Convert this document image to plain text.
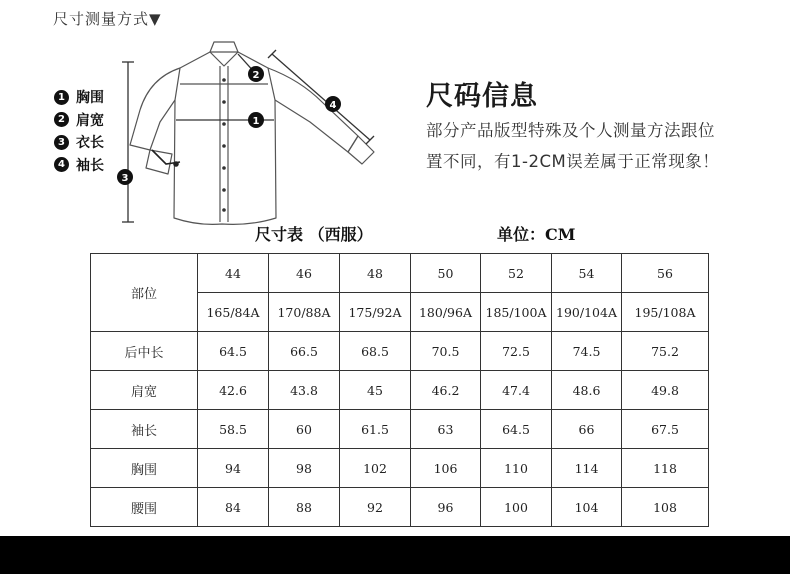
尺寸测量方式▼
1 胸围
2 肩宽
3 衣长
4 袖长
1
2
3
4	尺码信息
部分产品版型特殊及个人测量方法跟位
置不同，有1-2CM误差属于正常现象！
尺寸表 （西服）	单位：CM
部位	44	46	48	50	52	54	56
	165/84A	170/88A	175/92A	180/96A	185/100A	190/104A	195/108A
后中长	64.5	66.5	68.5	70.5	72.5	74.5	75.2
肩宽	42.6	43.8	45	46.2	47.4	48.6	49.8
袖长	58.5	60	61.5	63	64.5	66	67.5
胸围	94	98	102	106	110	114	118
腰围	84	88	92	96	100	104	108
